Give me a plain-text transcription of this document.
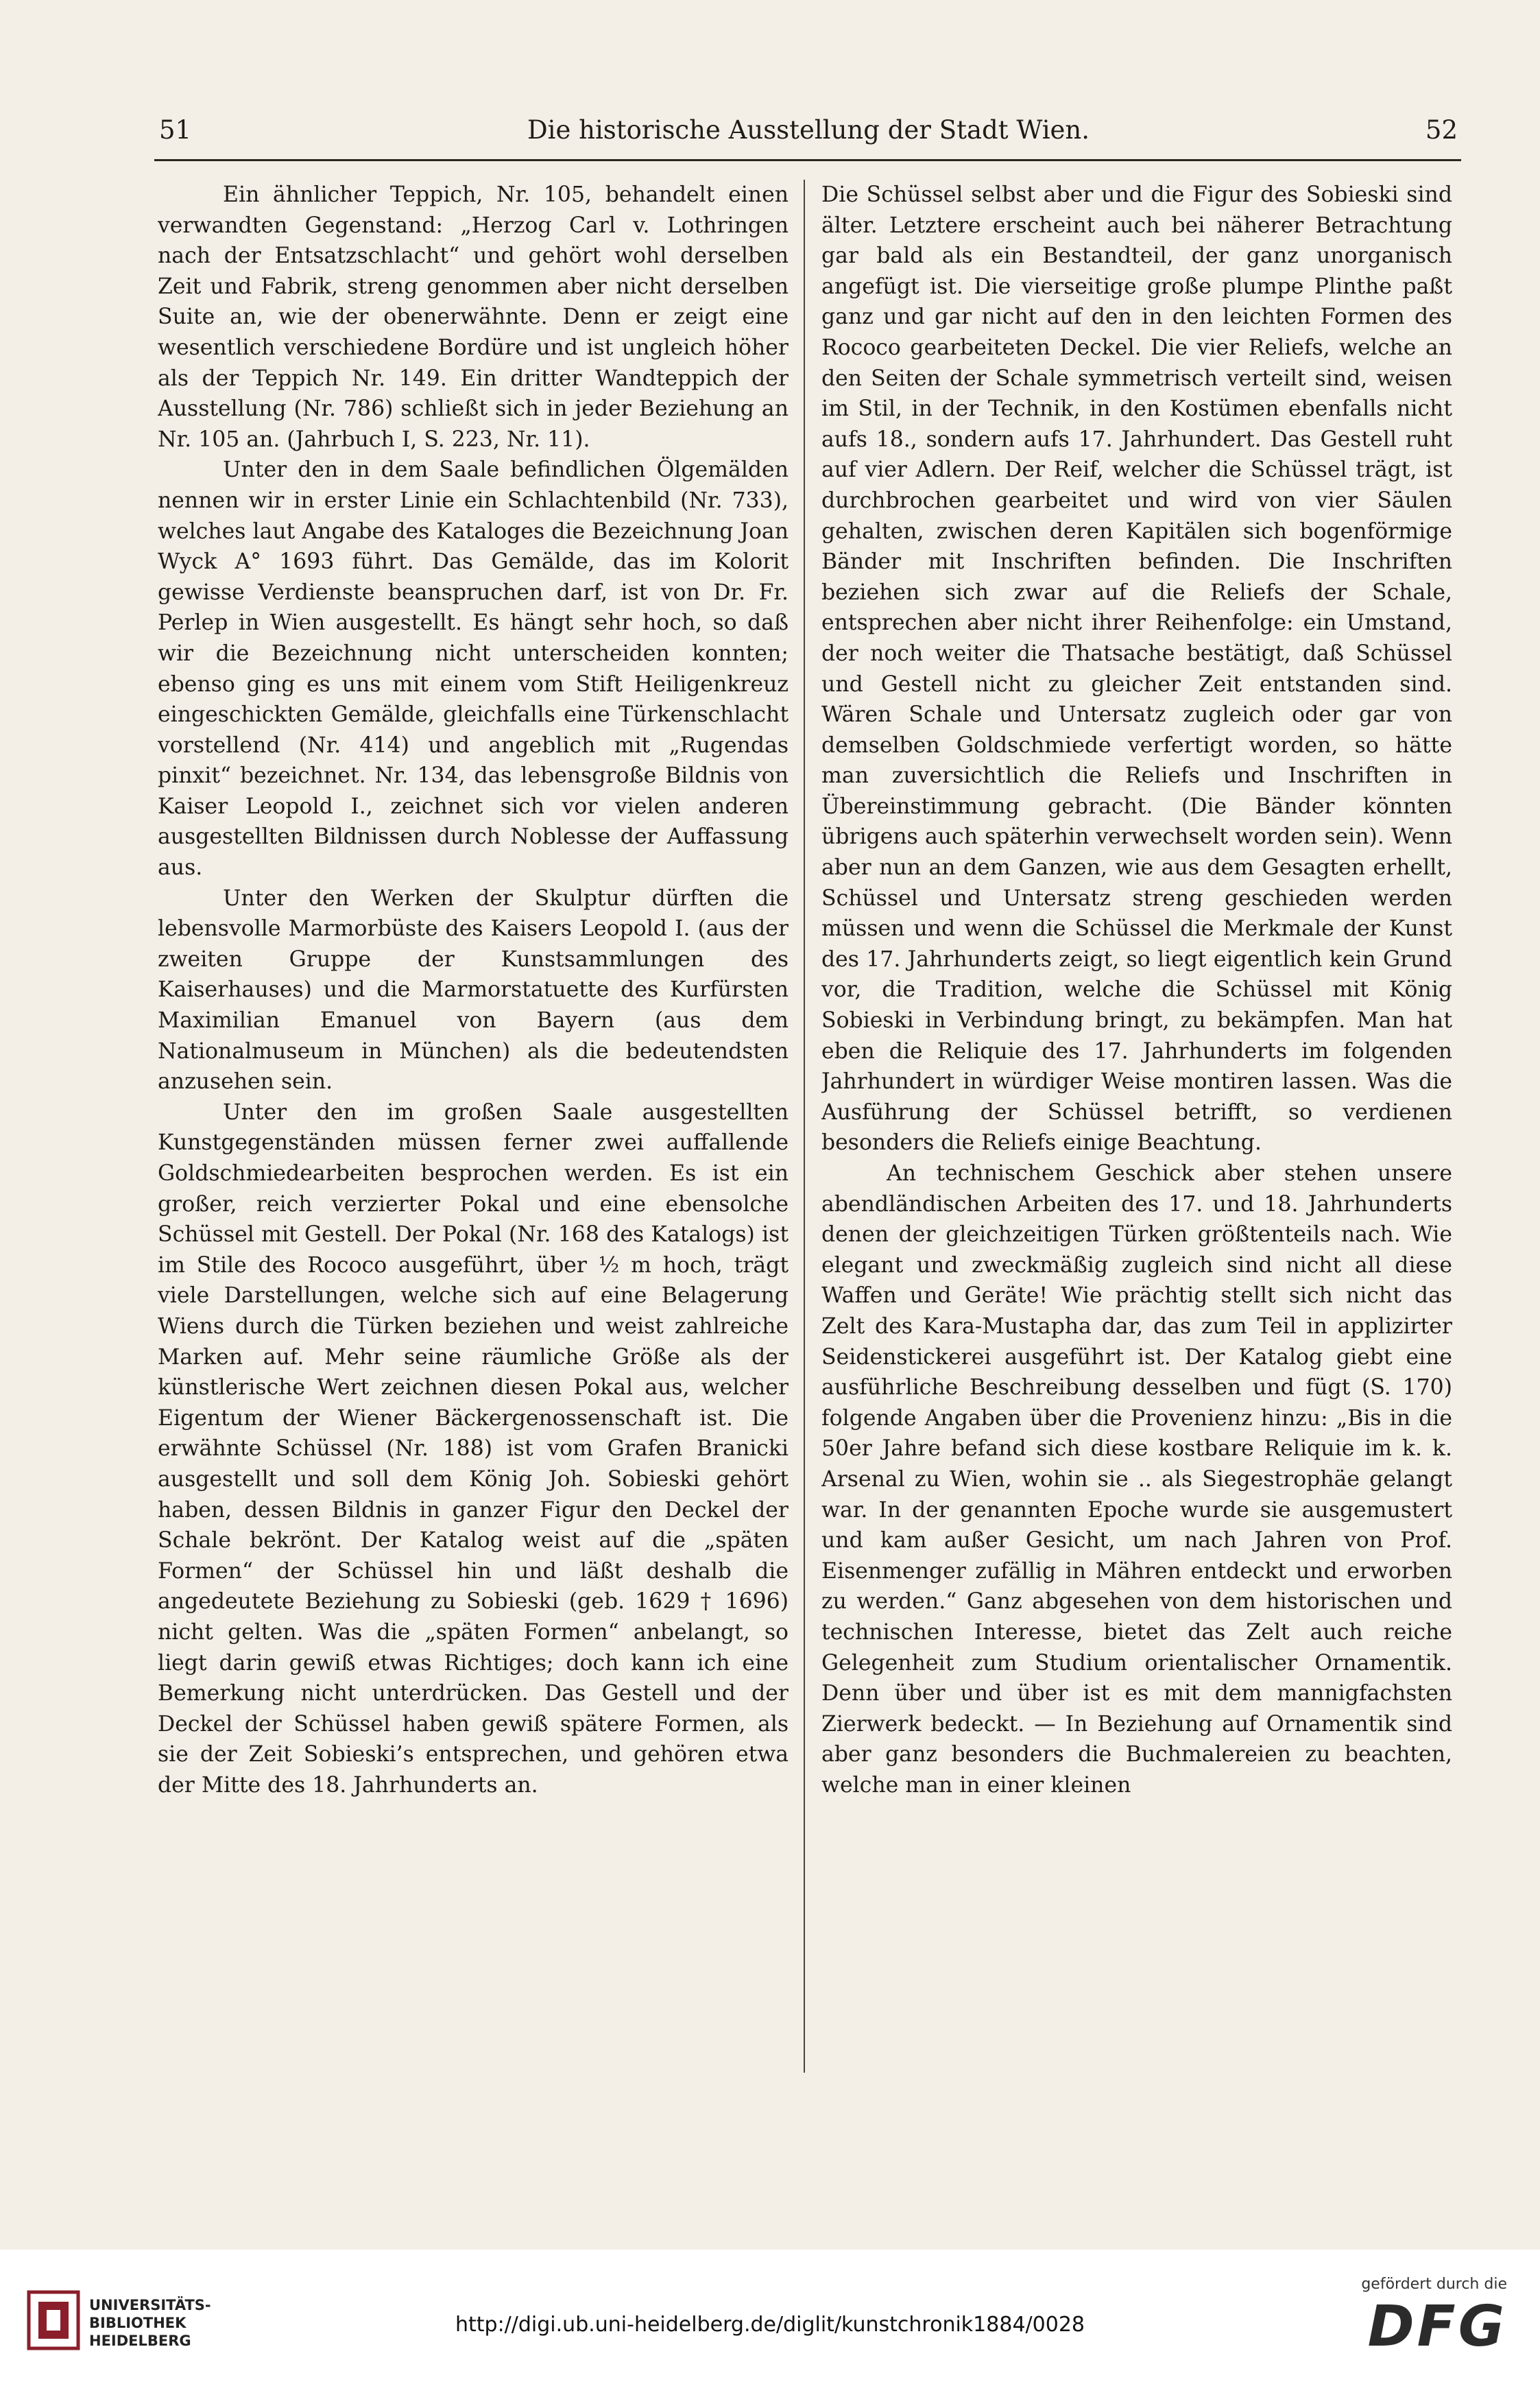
51	Die historische Ausstellung der Stadt Wien.	52

Ein ähnlicher Teppich, Nr. 105, behandelt einen verwandten Gegenstand: „Herzog Carl v. Lothringen nach der Entsatzschlacht“ und gehört wohl derselben Zeit und Fabrik, streng genommen aber nicht derselben Suite an, wie der obenerwähnte. Denn er zeigt eine wesentlich verschiedene Bordüre und ist ungleich höher als der Teppich Nr. 149. Ein dritter Wandteppich der Ausstellung (Nr. 786) schließt sich in jeder Beziehung an Nr. 105 an. (Jahrbuch I, S. 223, Nr. 11).

Unter den in dem Saale befindlichen Ölgemälden nennen wir in erster Linie ein Schlachtenbild (Nr. 733), welches laut Angabe des Kataloges die Bezeichnung Joan Wyck A° 1693 führt. Das Gemälde, das im Kolorit gewisse Verdienste beanspruchen darf, ist von Dr. Fr. Perlep in Wien ausgestellt. Es hängt sehr hoch, so daß wir die Bezeichnung nicht unterscheiden konnten; ebenso ging es uns mit einem vom Stift Heiligenkreuz eingeschickten Gemälde, gleichfalls eine Türkenschlacht vorstellend (Nr. 414) und angeblich mit „Rugendas pinxit“ bezeichnet. Nr. 134, das lebensgroße Bildnis von Kaiser Leopold I., zeichnet sich vor vielen anderen ausgestellten Bildnissen durch Noblesse der Auffassung aus.

Unter den Werken der Skulptur dürften die lebensvolle Marmorbüste des Kaisers Leopold I. (aus der zweiten Gruppe der Kunstsammlungen des Kaiserhauses) und die Marmorstatuette des Kurfürsten Maximilian Emanuel von Bayern (aus dem Nationalmuseum in München) als die bedeutendsten anzusehen sein.

Unter den im großen Saale ausgestellten Kunstgegenständen müssen ferner zwei auffallende Goldschmiedearbeiten besprochen werden. Es ist ein großer, reich verzierter Pokal und eine ebensolche Schüssel mit Gestell. Der Pokal (Nr. 168 des Katalogs) ist im Stile des Rococo ausgeführt, über ½ m hoch, trägt viele Darstellungen, welche sich auf eine Belagerung Wiens durch die Türken beziehen und weist zahlreiche Marken auf. Mehr seine räumliche Größe als der künstlerische Wert zeichnen diesen Pokal aus, welcher Eigentum der Wiener Bäckergenossenschaft ist. Die erwähnte Schüssel (Nr. 188) ist vom Grafen Branicki ausgestellt und soll dem König Joh. Sobieski gehört haben, dessen Bildnis in ganzer Figur den Deckel der Schale bekrönt. Der Katalog weist auf die „späten Formen“ der Schüssel hin und läßt deshalb die angedeutete Beziehung zu Sobieski (geb. 1629 † 1696) nicht gelten. Was die „späten Formen“ anbelangt, so liegt darin gewiß etwas Richtiges; doch kann ich eine Bemerkung nicht unterdrücken. Das Gestell und der Deckel der Schüssel haben gewiß spätere Formen, als sie der Zeit Sobieski’s entsprechen, und gehören etwa der Mitte des 18. Jahrhunderts an.

Die Schüssel selbst aber und die Figur des Sobieski sind älter. Letztere erscheint auch bei näherer Betrachtung gar bald als ein Bestandteil, der ganz unorganisch angefügt ist. Die vierseitige große plumpe Plinthe paßt ganz und gar nicht auf den in den leichten Formen des Rococo gearbeiteten Deckel. Die vier Reliefs, welche an den Seiten der Schale symmetrisch verteilt sind, weisen im Stil, in der Technik, in den Kostümen ebenfalls nicht aufs 18., sondern aufs 17. Jahrhundert. Das Gestell ruht auf vier Adlern. Der Reif, welcher die Schüssel trägt, ist durchbrochen gearbeitet und wird von vier Säulen gehalten, zwischen deren Kapitälen sich bogenförmige Bänder mit Inschriften befinden. Die Inschriften beziehen sich zwar auf die Reliefs der Schale, entsprechen aber nicht ihrer Reihenfolge: ein Umstand, der noch weiter die Thatsache bestätigt, daß Schüssel und Gestell nicht zu gleicher Zeit entstanden sind. Wären Schale und Untersatz zugleich oder gar von demselben Goldschmiede verfertigt worden, so hätte man zuversichtlich die Reliefs und Inschriften in Übereinstimmung gebracht. (Die Bänder könnten übrigens auch späterhin verwechselt worden sein). Wenn aber nun an dem Ganzen, wie aus dem Gesagten erhellt, Schüssel und Untersatz streng geschieden werden müssen und wenn die Schüssel die Merkmale der Kunst des 17. Jahrhunderts zeigt, so liegt eigentlich kein Grund vor, die Tradition, welche die Schüssel mit König Sobieski in Verbindung bringt, zu bekämpfen. Man hat eben die Reliquie des 17. Jahrhunderts im folgenden Jahrhundert in würdiger Weise montiren lassen. Was die Ausführung der Schüssel betrifft, so verdienen besonders die Reliefs einige Beachtung.

An technischem Geschick aber stehen unsere abendländischen Arbeiten des 17. und 18. Jahrhunderts denen der gleichzeitigen Türken größtenteils nach. Wie elegant und zweckmäßig zugleich sind nicht all diese Waffen und Geräte! Wie prächtig stellt sich nicht das Zelt des Kara-Mustapha dar, das zum Teil in applizirter Seidenstickerei ausgeführt ist. Der Katalog giebt eine ausführliche Beschreibung desselben und fügt (S. 170) folgende Angaben über die Provenienz hinzu: „Bis in die 50er Jahre befand sich diese kostbare Reliquie im k. k. Arsenal zu Wien, wohin sie .. als Siegestrophäe gelangt war. In der genannten Epoche wurde sie ausgemustert und kam außer Gesicht, um nach Jahren von Prof. Eisenmenger zufällig in Mähren entdeckt und erworben zu werden.“ Ganz abgesehen von dem historischen und technischen Interesse, bietet das Zelt auch reiche Gelegenheit zum Studium orientalischer Ornamentik. Denn über und über ist es mit dem mannigfachsten Zierwerk bedeckt. — In Beziehung auf Ornamentik sind aber ganz besonders die Buchmalereien zu beachten, welche man in einer kleinen

UNIVERSITÄTS-
BIBLIOTHEK
HEIDELBERG
http://digi.ub.uni-heidelberg.de/diglit/kunstchronik1884/0028
gefördert durch die
DFG
